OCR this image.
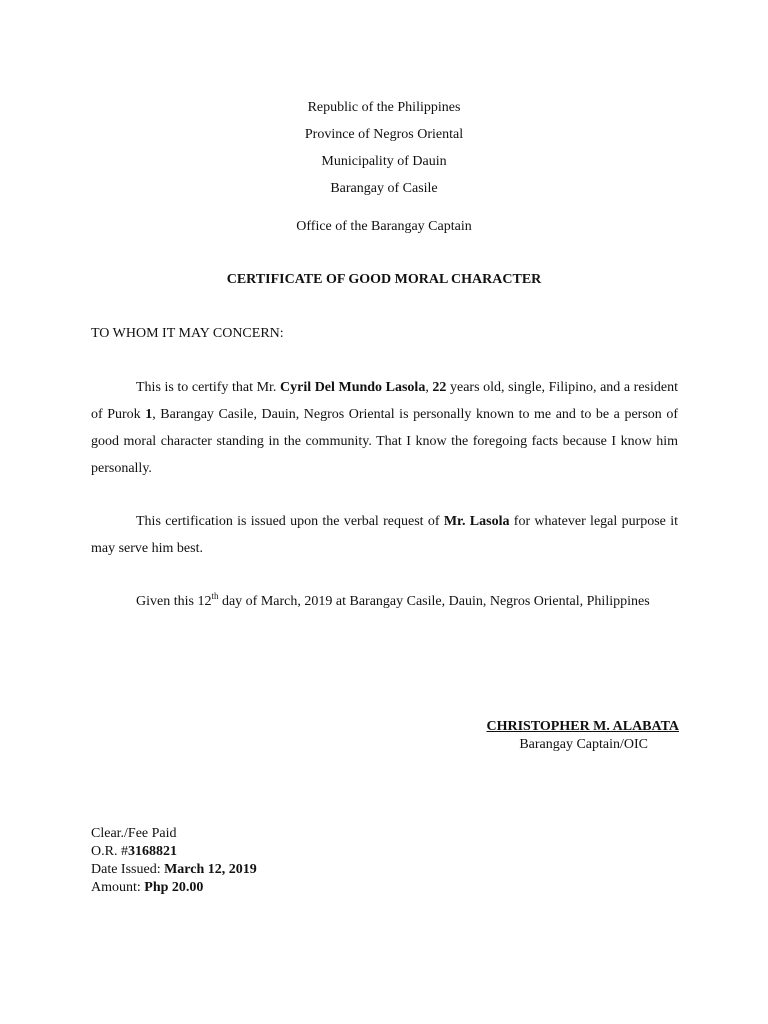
Republic of the Philippines
Province of Negros Oriental
Municipality of Dauin
Barangay of Casile
Office of the Barangay Captain
CERTIFICATE OF GOOD MORAL CHARACTER
TO WHOM IT MAY CONCERN:
This is to certify that Mr. Cyril Del Mundo Lasola, 22 years old, single, Filipino, and a resident of Purok 1, Barangay Casile, Dauin, Negros Oriental is personally known to me and to be a person of good moral character standing in the community. That I know the foregoing facts because I know him personally.
This certification is issued upon the verbal request of Mr. Lasola for whatever legal purpose it may serve him best.
Given this 12th day of March, 2019 at Barangay Casile, Dauin, Negros Oriental, Philippines
CHRISTOPHER M. ALABATA
Barangay Captain/OIC
Clear./Fee Paid
O.R. #3168821
Date Issued: March 12, 2019
Amount: Php 20.00
